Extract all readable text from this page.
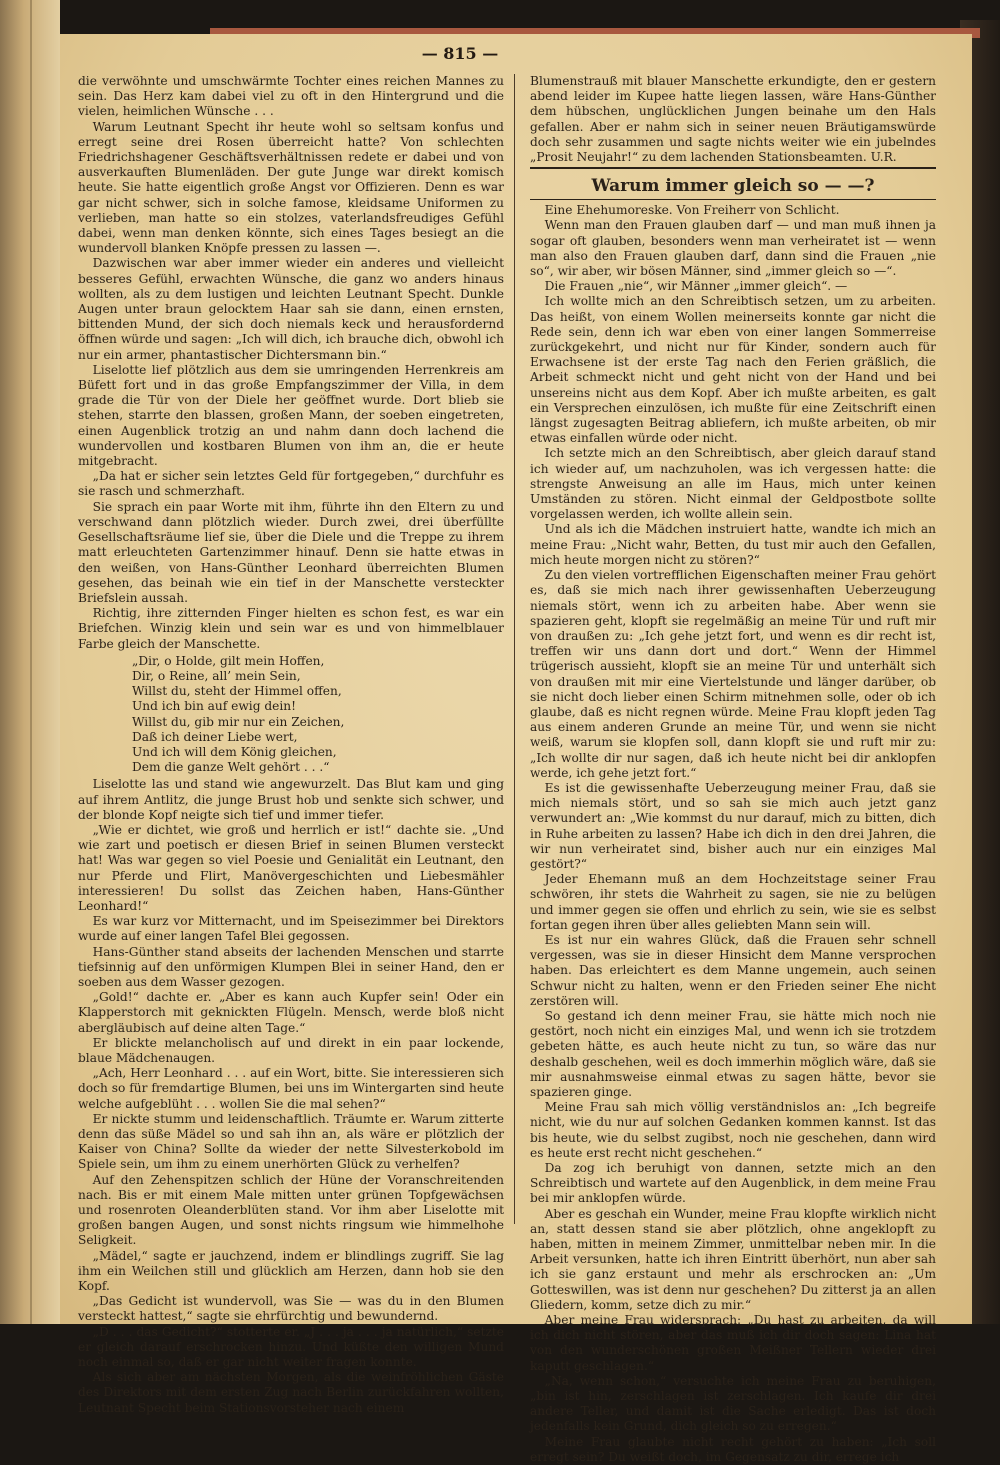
— 815 —

die verwöhnte und umschwärmte Tochter eines reichen Mannes zu sein. Das Herz kam dabei viel zu oft in den Hintergrund und die vielen, heimlichen Wünsche . . .

Warum Leutnant Specht ihr heute wohl so seltsam konfus und erregt seine drei Rosen überreicht hatte? Von schlechten Friedrichshagener Geschäftsverhältnissen redete er dabei und von ausverkauften Blumenläden. Der gute Junge war direkt komisch heute. Sie hatte eigentlich große Angst vor Offizieren. Denn es war gar nicht schwer, sich in solche famose, kleidsame Uniformen zu verlieben, man hatte so ein stolzes, vaterlandsfreudiges Gefühl dabei, wenn man denken könnte, sich eines Tages besiegt an die wundervoll blanken Knöpfe pressen zu lassen —.

Dazwischen war aber immer wieder ein anderes und vielleicht besseres Gefühl, erwachten Wünsche, die ganz wo anders hinaus wollten, als zu dem lustigen und leichten Leutnant Specht. Dunkle Augen unter braun gelocktem Haar sah sie dann, einen ernsten, bittenden Mund, der sich doch niemals keck und herausfordernd öffnen würde und sagen: „Ich will dich, ich brauche dich, obwohl ich nur ein armer, phantastischer Dichtersmann bin.“

Liselotte lief plötzlich aus dem sie umringenden Herrenkreis am Büfett fort und in das große Empfangszimmer der Villa, in dem grade die Tür von der Diele her geöffnet wurde. Dort blieb sie stehen, starrte den blassen, großen Mann, der soeben eingetreten, einen Augenblick trotzig an und nahm dann doch lachend die wundervollen und kostbaren Blumen von ihm an, die er heute mitgebracht.

„Da hat er sicher sein letztes Geld für fortgegeben,“ durchfuhr es sie rasch und schmerzhaft.

Sie sprach ein paar Worte mit ihm, führte ihn den Eltern zu und verschwand dann plötzlich wieder. Durch zwei, drei überfüllte Gesellschaftsräume lief sie, über die Diele und die Treppe zu ihrem matt erleuchteten Gartenzimmer hinauf. Denn sie hatte etwas in den weißen, von Hans-Günther Leonhard überreichten Blumen gesehen, das beinah wie ein tief in der Manschette versteckter Briefslein aussah.

Richtig, ihre zitternden Finger hielten es schon fest, es war ein Briefchen. Winzig klein und sein war es und von himmelblauer Farbe gleich der Manschette.

„Dir, o Holde, gilt mein Hoffen,
Dir, o Reine, all’ mein Sein,
Willst du, steht der Himmel offen,
Und ich bin auf ewig dein!
Willst du, gib mir nur ein Zeichen,
Daß ich deiner Liebe wert,
Und ich will dem König gleichen,
Dem die ganze Welt gehört . . .“

Liselotte las und stand wie angewurzelt. Das Blut kam und ging auf ihrem Antlitz, die junge Brust hob und senkte sich schwer, und der blonde Kopf neigte sich tief und immer tiefer.

„Wie er dichtet, wie groß und herrlich er ist!“ dachte sie. „Und wie zart und poetisch er diesen Brief in seinen Blumen versteckt hat! Was war gegen so viel Poesie und Genialität ein Leutnant, den nur Pferde und Flirt, Manövergeschichten und Liebesmähler interessieren! Du sollst das Zeichen haben, Hans-Günther Leonhard!“

Es war kurz vor Mitternacht, und im Speisezimmer bei Direktors wurde auf einer langen Tafel Blei gegossen.

Hans-Günther stand abseits der lachenden Menschen und starrte tiefsinnig auf den unförmigen Klumpen Blei in seiner Hand, den er soeben aus dem Wasser gezogen.

„Gold!“ dachte er. „Aber es kann auch Kupfer sein! Oder ein Klapperstorch mit geknickten Flügeln. Mensch, werde bloß nicht abergläubisch auf deine alten Tage.“

Er blickte melancholisch auf und direkt in ein paar lockende, blaue Mädchenaugen.

„Ach, Herr Leonhard . . . auf ein Wort, bitte. Sie interessieren sich doch so für fremdartige Blumen, bei uns im Wintergarten sind heute welche aufgeblüht . . . wollen Sie die mal sehen?“

Er nickte stumm und leidenschaftlich. Träumte er. Warum zitterte denn das süße Mädel so und sah ihn an, als wäre er plötzlich der Kaiser von China? Sollte da wieder der nette Silvesterkobold im Spiele sein, um ihm zu einem unerhörten Glück zu verhelfen?

Auf den Zehenspitzen schlich der Hüne der Voranschreitenden nach. Bis er mit einem Male mitten unter grünen Topfgewächsen und rosenroten Oleanderblüten stand. Vor ihm aber Liselotte mit großen bangen Augen, und sonst nichts ringsum wie himmelhohe Seligkeit.

„Mädel,“ sagte er jauchzend, indem er blindlings zugriff. Sie lag ihm ein Weilchen still und glücklich am Herzen, dann hob sie den Kopf.

„Das Gedicht ist wundervoll, was Sie — was du in den Blumen versteckt hattest,“ sagte sie ehrfürchtig und bewundernd.

„D . . . das Gedicht?“ stotterte er. „J . . . ja . . . ja natürlich,“ setzte er gleich darauf erschrocken hinzu. Und küßte den willigen Mund noch einmal so, daß er gar nicht weiter fragen konnte.

Als sich aber am nächsten Morgen, als die weinfröhlichen Gäste des Direktors mit dem ersten Zug nach Berlin zurückfahren wollten, Leutnant Specht beim Stationsvorsteher nach einem

Blumenstrauß mit blauer Manschette erkundigte, den er gestern abend leider im Kupee hatte liegen lassen, wäre Hans-Günther dem hübschen, unglücklichen Jungen beinahe um den Hals gefallen. Aber er nahm sich in seiner neuen Bräutigamswürde doch sehr zusammen und sagte nichts weiter wie ein jubelndes „Prosit Neujahr!“ zu dem lachenden Stationsbeamten. U.R.

Warum immer gleich so — —?

Eine Ehehumoreske. Von Freiherr von Schlicht.

Wenn man den Frauen glauben darf — und man muß ihnen ja sogar oft glauben, besonders wenn man verheiratet ist — wenn man also den Frauen glauben darf, dann sind die Frauen „nie so“, wir aber, wir bösen Männer, sind „immer gleich so —“.

Die Frauen „nie“, wir Männer „immer gleich“. —

Ich wollte mich an den Schreibtisch setzen, um zu arbeiten. Das heißt, von einem Wollen meinerseits konnte gar nicht die Rede sein, denn ich war eben von einer langen Sommerreise zurückgekehrt, und nicht nur für Kinder, sondern auch für Erwachsene ist der erste Tag nach den Ferien gräßlich, die Arbeit schmeckt nicht und geht nicht von der Hand und bei unsereins nicht aus dem Kopf. Aber ich mußte arbeiten, es galt ein Versprechen einzulösen, ich mußte für eine Zeitschrift einen längst zugesagten Beitrag abliefern, ich mußte arbeiten, ob mir etwas einfallen würde oder nicht.

Ich setzte mich an den Schreibtisch, aber gleich darauf stand ich wieder auf, um nachzuholen, was ich vergessen hatte: die strengste Anweisung an alle im Haus, mich unter keinen Umständen zu stören. Nicht einmal der Geldpostbote sollte vorgelassen werden, ich wollte allein sein.

Und als ich die Mädchen instruiert hatte, wandte ich mich an meine Frau: „Nicht wahr, Betten, du tust mir auch den Gefallen, mich heute morgen nicht zu stören?“

Zu den vielen vortrefflichen Eigenschaften meiner Frau gehört es, daß sie mich nach ihrer gewissenhaften Ueberzeugung niemals stört, wenn ich zu arbeiten habe. Aber wenn sie spazieren geht, klopft sie regelmäßig an meine Tür und ruft mir von draußen zu: „Ich gehe jetzt fort, und wenn es dir recht ist, treffen wir uns dann dort und dort.“ Wenn der Himmel trügerisch aussieht, klopft sie an meine Tür und unterhält sich von draußen mit mir eine Viertelstunde und länger darüber, ob sie nicht doch lieber einen Schirm mitnehmen solle, oder ob ich glaube, daß es nicht regnen würde. Meine Frau klopft jeden Tag aus einem anderen Grunde an meine Tür, und wenn sie nicht weiß, warum sie klopfen soll, dann klopft sie und ruft mir zu: „Ich wollte dir nur sagen, daß ich heute nicht bei dir anklopfen werde, ich gehe jetzt fort.“

Es ist die gewissenhafte Ueberzeugung meiner Frau, daß sie mich niemals stört, und so sah sie mich auch jetzt ganz verwundert an: „Wie kommst du nur darauf, mich zu bitten, dich in Ruhe arbeiten zu lassen? Habe ich dich in den drei Jahren, die wir nun verheiratet sind, bisher auch nur ein einziges Mal gestört?“

Jeder Ehemann muß an dem Hochzeitstage seiner Frau schwören, ihr stets die Wahrheit zu sagen, sie nie zu belügen und immer gegen sie offen und ehrlich zu sein, wie sie es selbst fortan gegen ihren über alles geliebten Mann sein will.

Es ist nur ein wahres Glück, daß die Frauen sehr schnell vergessen, was sie in dieser Hinsicht dem Manne versprochen haben. Das erleichtert es dem Manne ungemein, auch seinen Schwur nicht zu halten, wenn er den Frieden seiner Ehe nicht zerstören will.

So gestand ich denn meiner Frau, sie hätte mich noch nie gestört, noch nicht ein einziges Mal, und wenn ich sie trotzdem gebeten hätte, es auch heute nicht zu tun, so wäre das nur deshalb geschehen, weil es doch immerhin möglich wäre, daß sie mir ausnahmsweise einmal etwas zu sagen hätte, bevor sie spazieren ginge.

Meine Frau sah mich völlig verständnislos an: „Ich begreife nicht, wie du nur auf solchen Gedanken kommen kannst. Ist das bis heute, wie du selbst zugibst, noch nie geschehen, dann wird es heute erst recht nicht geschehen.“

Da zog ich beruhigt von dannen, setzte mich an den Schreibtisch und wartete auf den Augenblick, in dem meine Frau bei mir anklopfen würde.

Aber es geschah ein Wunder, meine Frau klopfte wirklich nicht an, statt dessen stand sie aber plötzlich, ohne angeklopft zu haben, mitten in meinem Zimmer, unmittelbar neben mir. In die Arbeit versunken, hatte ich ihren Eintritt überhört, nun aber sah ich sie ganz erstaunt und mehr als erschrocken an: „Um Gotteswillen, was ist denn nur geschehen? Du zitterst ja an allen Gliedern, komm, setze dich zu mir.“

Aber meine Frau widersprach: „Du hast zu arbeiten, da will ich dich nicht stören, aber das muß ich dir doch sagen: Lina hat von den wunderschönen großen Meißner Tellern wieder drei kaputt geschlagen.“

„Na, wenn schon,“ versuchte ich meine Frau zu beruhigen, „bin ist hin, zerschlagen ist zerschlagen. Ich kaufe dir drei andere Teller, und damit ist die Sache erledigt. Das ist doch jedenfalls kein Grund, dich gleich so zu erregen.“

Meine Frau glaubte nicht recht gehört zu haben: „Ich soll erregt sein? Du weißt doch, im Gegensatz zu dir, errege ich
